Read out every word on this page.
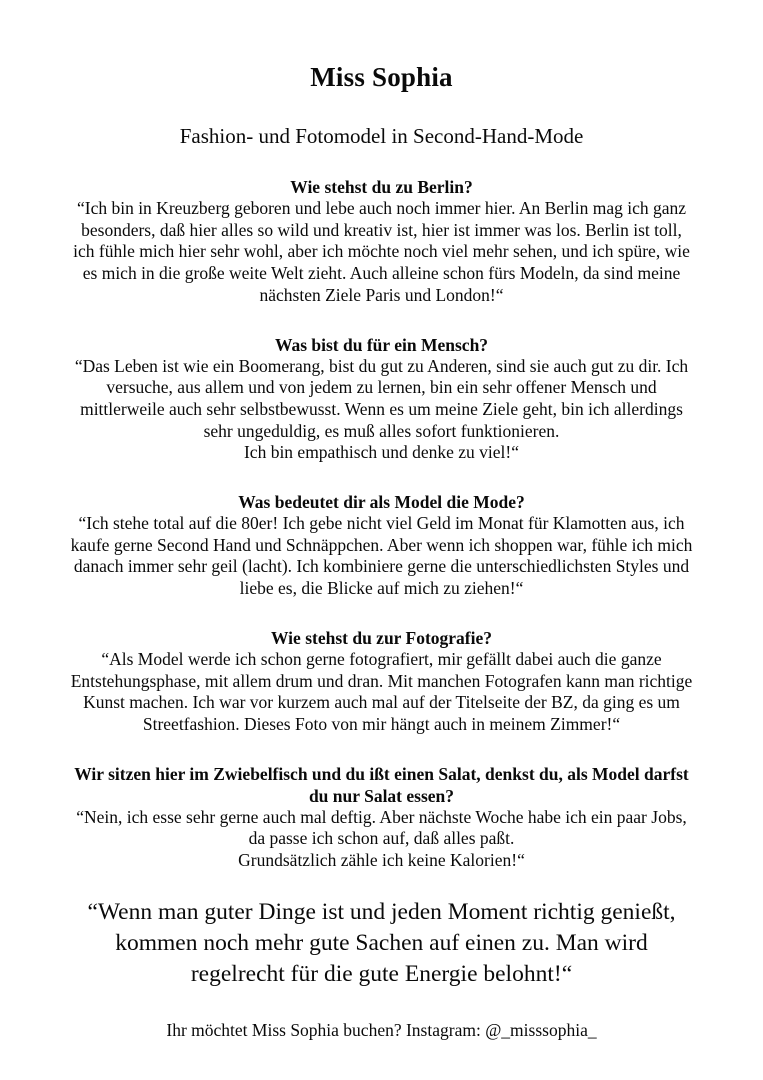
Miss Sophia
Fashion- und Fotomodel in Second-Hand-Mode
Wie stehst du zu Berlin?

“Ich bin in Kreuzberg geboren und lebe auch noch immer hier. An Berlin mag ich ganz besonders, daß hier alles so wild und kreativ ist, hier ist immer was los. Berlin ist toll, ich fühle mich hier sehr wohl, aber ich möchte noch viel mehr sehen, und ich spüre, wie es mich in die große weite Welt zieht. Auch alleine schon fürs Modeln, da sind meine nächsten Ziele Paris und London!“

Was bist du für ein Mensch?

“Das Leben ist wie ein Boomerang, bist du gut zu Anderen, sind sie auch gut zu dir. Ich versuche, aus allem und von jedem zu lernen, bin ein sehr offener Mensch und mittlerweile auch sehr selbstbewusst. Wenn es um meine Ziele geht, bin ich allerdings sehr ungeduldig, es muß alles sofort funktionieren.
Ich bin empathisch und denke zu viel!“

Was bedeutet dir als Model die Mode?

“Ich stehe total auf die 80er! Ich gebe nicht viel Geld im Monat für Klamotten aus, ich kaufe gerne Second Hand und Schnäppchen. Aber wenn ich shoppen war, fühle ich mich danach immer sehr geil (lacht). Ich kombiniere gerne die unterschiedlichsten Styles und liebe es, die Blicke auf mich zu ziehen!“

Wie stehst du zur Fotografie?

“Als Model werde ich schon gerne fotografiert, mir gefällt dabei auch die ganze Entstehungsphase, mit allem drum und dran. Mit manchen Fotografen kann man richtige Kunst machen. Ich war vor kurzem auch mal auf der Titelseite der BZ, da ging es um Streetfashion. Dieses Foto von mir hängt auch in meinem Zimmer!“

Wir sitzen hier im Zwiebelfisch und du ißt einen Salat, denkst du, als Model darfst du nur Salat essen?

“Nein, ich esse sehr gerne auch mal deftig. Aber nächste Woche habe ich ein paar Jobs, da passe ich schon auf, daß alles paßt.
Grundsätzlich zähle ich keine Kalorien!“

“Wenn man guter Dinge ist und jeden Moment richtig genießt, kommen noch mehr gute Sachen auf einen zu. Man wird regelrecht für die gute Energie belohnt!“

Ihr möchtet Miss Sophia buchen? Instagram: @_misssophia_
